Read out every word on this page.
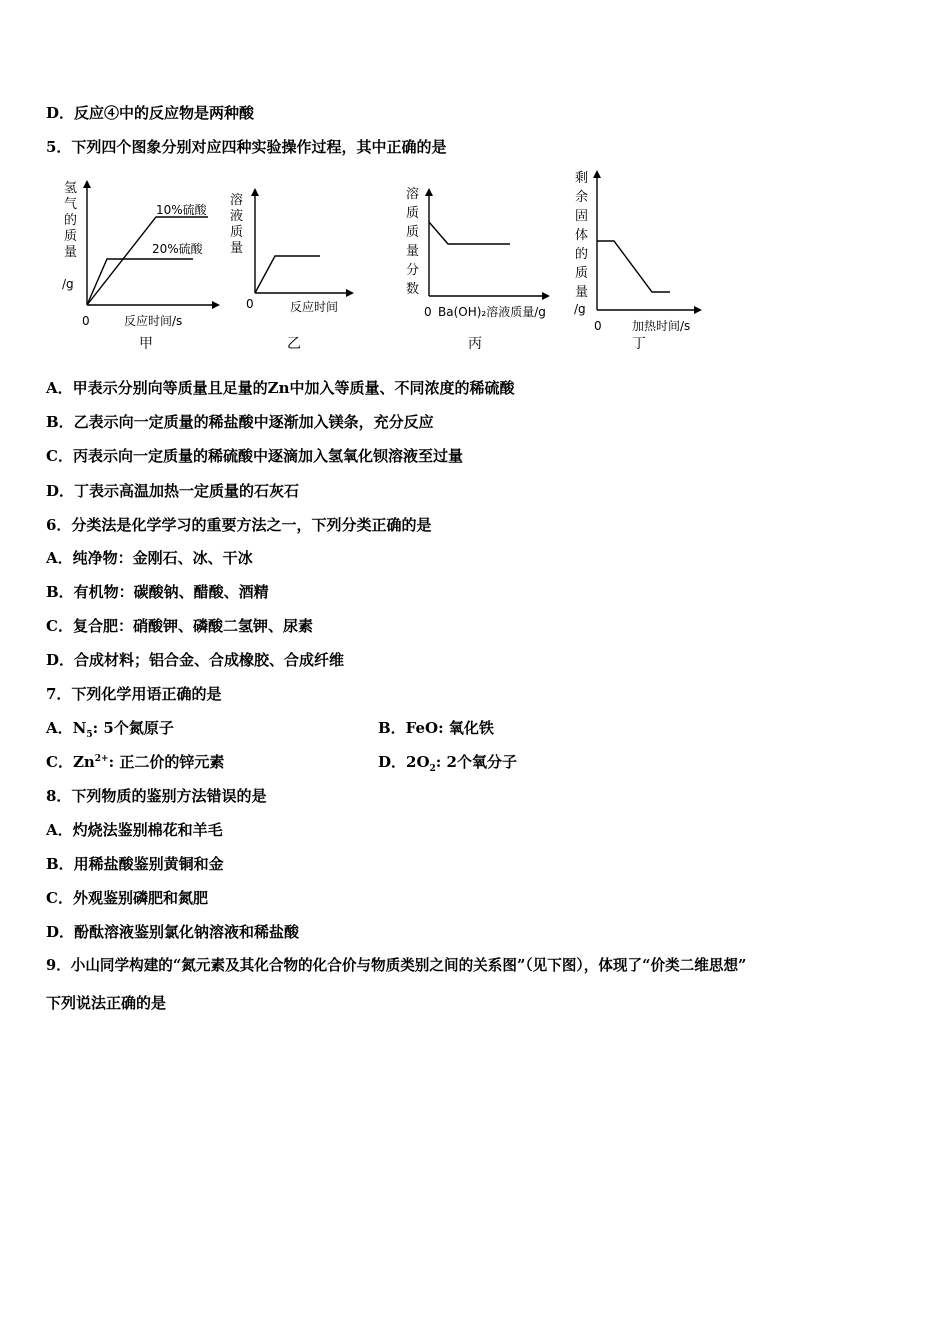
D．反应④中的反应物是两种酸
5．下列四个图象分别对应四种实验操作过程，其中正确的是
氢
气
的
质
量
/g
10%硫酸
20%硫酸
0	反应时间/s
甲
溶
液
质
量
0	反应时间
乙
溶
质
质
量
分
数
0 Ba(OH)₂溶液质量/g
丙
剩
余
固
体
的
质
量
/g
0	加热时间/s
丁
A．甲表示分别向等质量且足量的Zn中加入等质量、不同浓度的稀硫酸
B．乙表示向一定质量的稀盐酸中逐渐加入镁条，充分反应
C．丙表示向一定质量的稀硫酸中逐滴加入氢氧化钡溶液至过量
D．丁表示高温加热一定质量的石灰石
6．分类法是化学学习的重要方法之一，下列分类正确的是
A．纯净物：金刚石、冰、干冰
B．有机物：碳酸钠、醋酸、酒精
C．复合肥：硝酸钾、磷酸二氢钾、尿素
D．合成材料；铝合金、合成橡胶、合成纤维
7．下列化学用语正确的是
A．$N_5$: 5个氮原子	B．FeO: 氧化铁
C．$Zn^{2+}$: 正二价的锌元素	D．$2O_2$: 2个氧分子
8．下列物质的鉴别方法错误的是
A．灼烧法鉴别棉花和羊毛
B．用稀盐酸鉴别黄铜和金
C．外观鉴别磷肥和氮肥
D．酚酞溶液鉴别氯化钠溶液和稀盐酸
9．小山同学构建的“氮元素及其化合物的化合价与物质类别之间的关系图”（见下图），体现了“价类二维思想”
下列说法正确的是
